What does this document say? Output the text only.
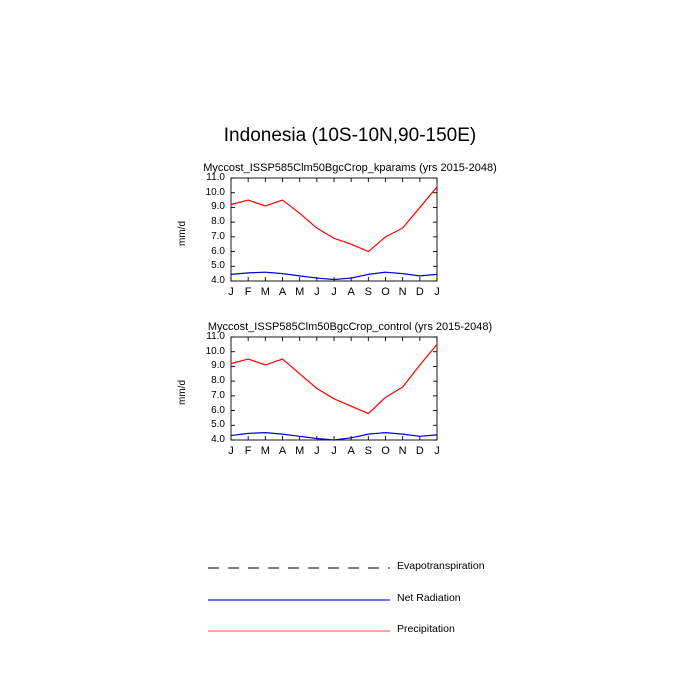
Indonesia (10S-10N,90-150E)
Myccost_ISSP585Clm50BgcCrop_kparams (yrs 2015-2048)
Myccost_ISSP585Clm50BgcCrop_control (yrs 2015-2048)
Evapotranspiration
Net Radiation
Precipitation
4.0
5.0
6.0
7.0
8.0
9.0
10.0
11.0
J	F M A M J	J A S O N D J
mm/d
4.0
5.0
6.0
7.0
8.0
9.0
10.0
11.0
J	F M A M J	J A S O N D J
mm/d
